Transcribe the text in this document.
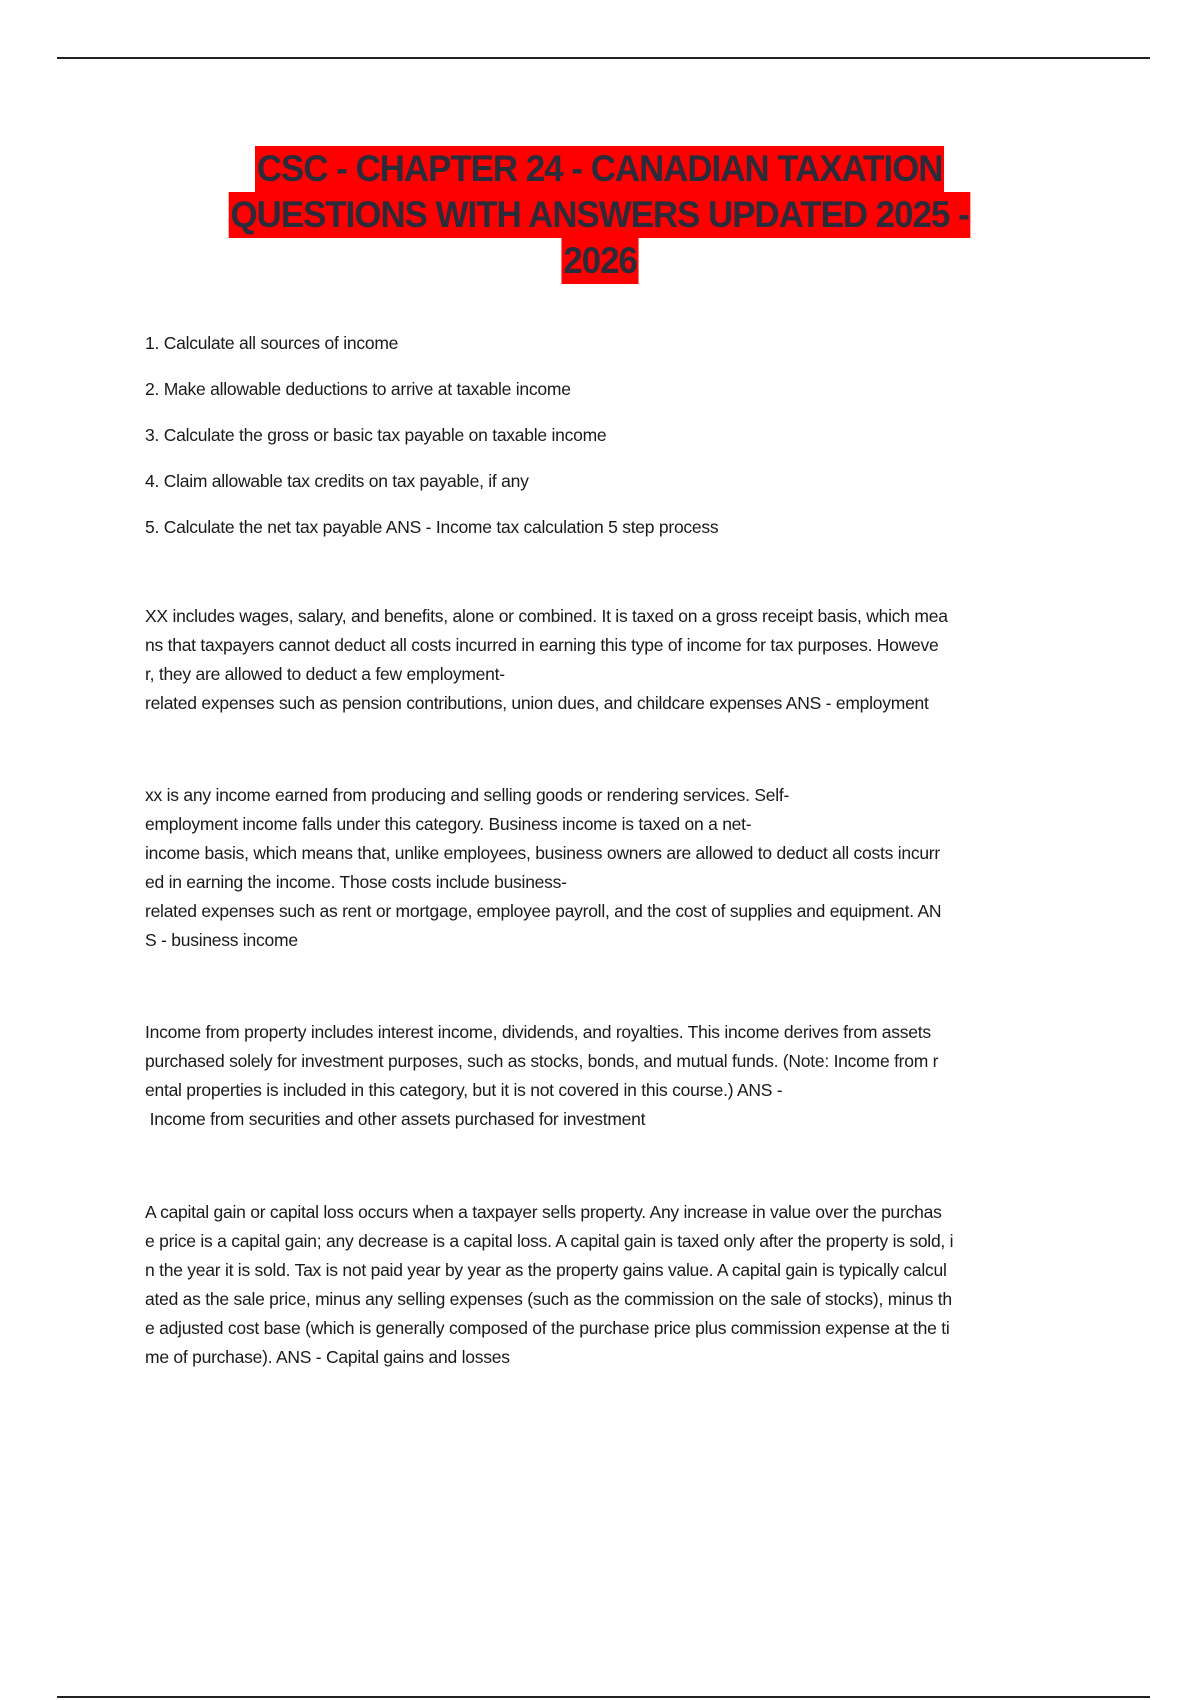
CSC - CHAPTER 24 - CANADIAN TAXATION
QUESTIONS WITH ANSWERS UPDATED 2025 -
2026
1. Calculate all sources of income
2. Make allowable deductions to arrive at taxable income
3. Calculate the gross or basic tax payable on taxable income
4. Claim allowable tax credits on tax payable, if any
5. Calculate the net tax payable ANS - Income tax calculation 5 step process
XX includes wages, salary, and benefits, alone or combined. It is taxed on a gross receipt basis, which mea
ns that taxpayers cannot deduct all costs incurred in earning this type of income for tax purposes. Howeve
r, they are allowed to deduct a few employment-
related expenses such as pension contributions, union dues, and childcare expenses ANS - employment
xx is any income earned from producing and selling goods or rendering services. Self-
employment income falls under this category. Business income is taxed on a net-
income basis, which means that, unlike employees, business owners are allowed to deduct all costs incurr
ed in earning the income. Those costs include business-
related expenses such as rent or mortgage, employee payroll, and the cost of supplies and equipment. AN
S - business income
Income from property includes interest income, dividends, and royalties. This income derives from assets
purchased solely for investment purposes, such as stocks, bonds, and mutual funds. (Note: Income from r
ental properties is included in this category, but it is not covered in this course.) ANS -
Income from securities and other assets purchased for investment
A capital gain or capital loss occurs when a taxpayer sells property. Any increase in value over the purchas
e price is a capital gain; any decrease is a capital loss. A capital gain is taxed only after the property is sold, i
n the year it is sold. Tax is not paid year by year as the property gains value. A capital gain is typically calcul
ated as the sale price, minus any selling expenses (such as the commission on the sale of stocks), minus th
e adjusted cost base (which is generally composed of the purchase price plus commission expense at the ti
me of purchase). ANS - Capital gains and losses
